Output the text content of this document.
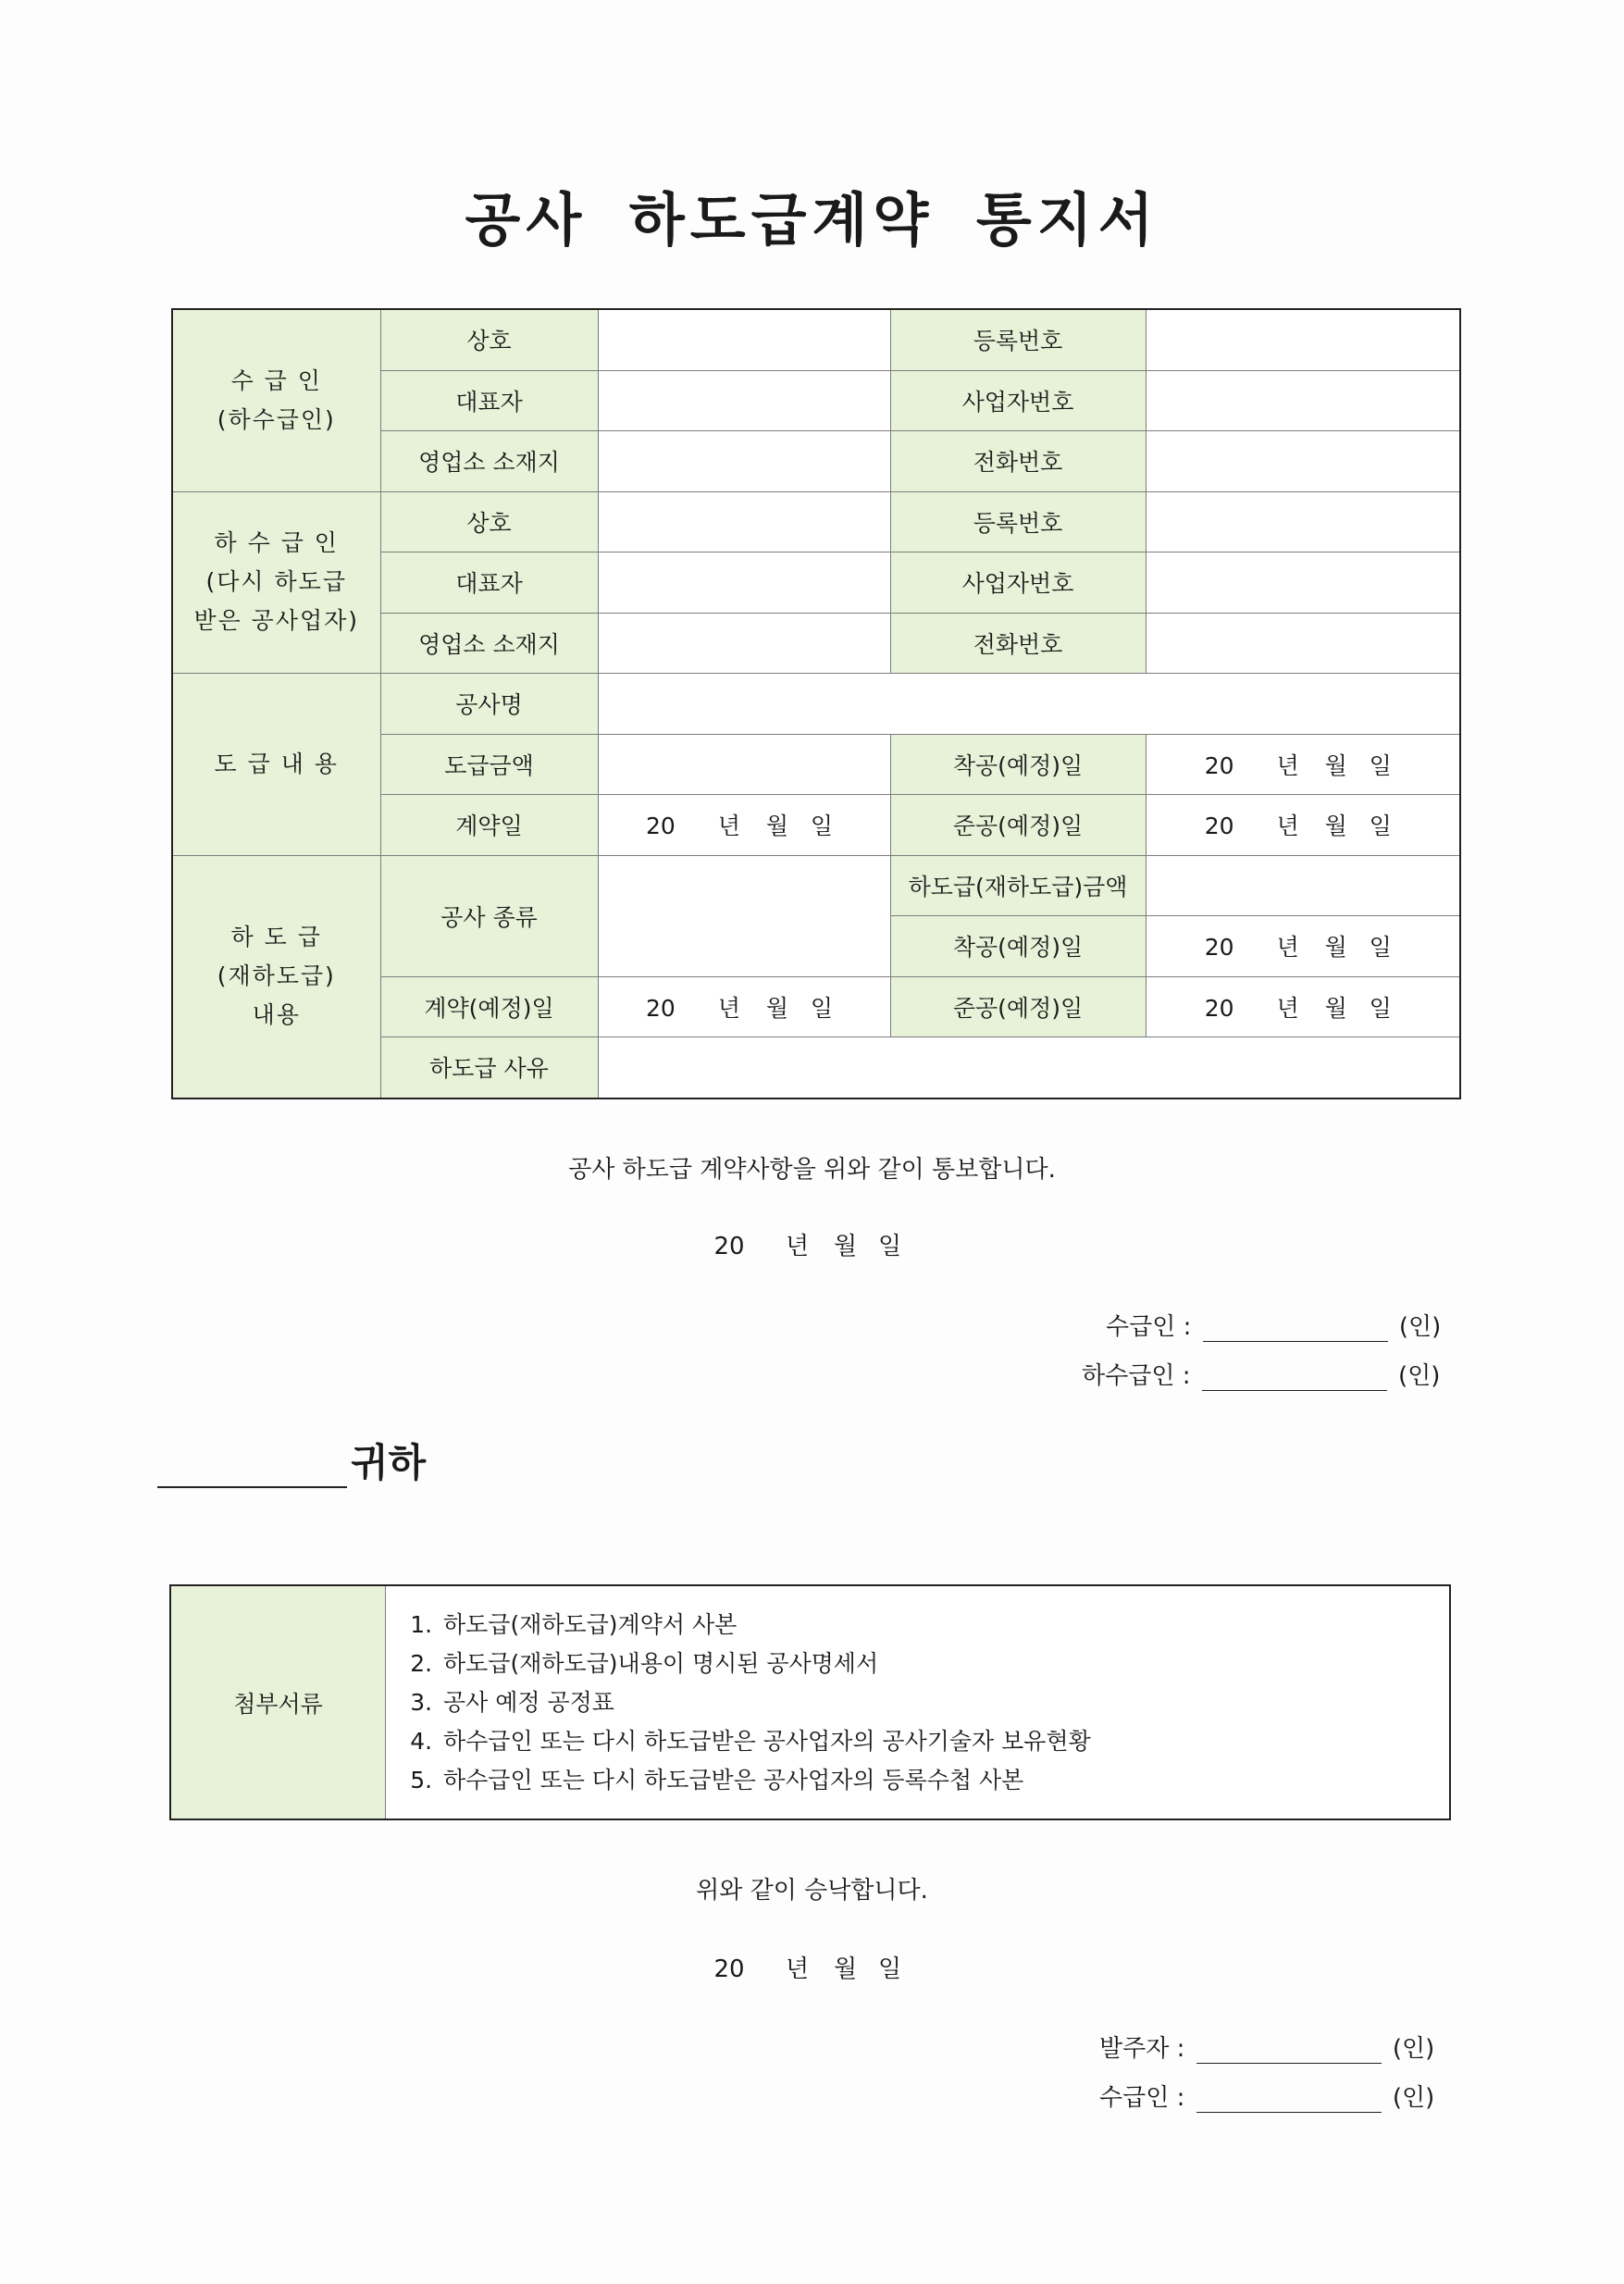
공사 하도급계약 통지서
수 급 인
(하수급인)	상호		등록번호	
	대표자		사업자번호	
	영업소 소재지		전화번호	

하 수 급 인
(다시 하도급
받은 공사업자)	상호		등록번호	
	대표자		사업자번호	
	영업소 소재지		전화번호	

도 급 내 용	공사명			
	도급금액		착공(예정)일	20 년 월 일
	계약일	20 년 월 일	준공(예정)일	20 년 월 일

하 도 급
(재하도급)
내용	공사 종류		하도급(재하도급)금액	
			착공(예정)일	20 년 월 일
	계약(예정)일	20 년 월 일	준공(예정)일	20 년 월 일
	하도급 사유			
공사 하도급 계약사항을 위와 같이 통보합니다.
20 년 월 일
수급인 :	(인)
하수급인 :	(인)
귀하
첨부서류	
1. 하도급(재하도급)계약서 사본
2. 하도급(재하도급)내용이 명시된 공사명세서
3. 공사 예정 공정표
4. 하수급인 또는 다시 하도급받은 공사업자의 공사기술자 보유현황
5. 하수급인 또는 다시 하도급받은 공사업자의 등록수첩 사본
위와 같이 승낙합니다.
20 년 월 일
발주자 :	(인)
수급인 :	(인)
